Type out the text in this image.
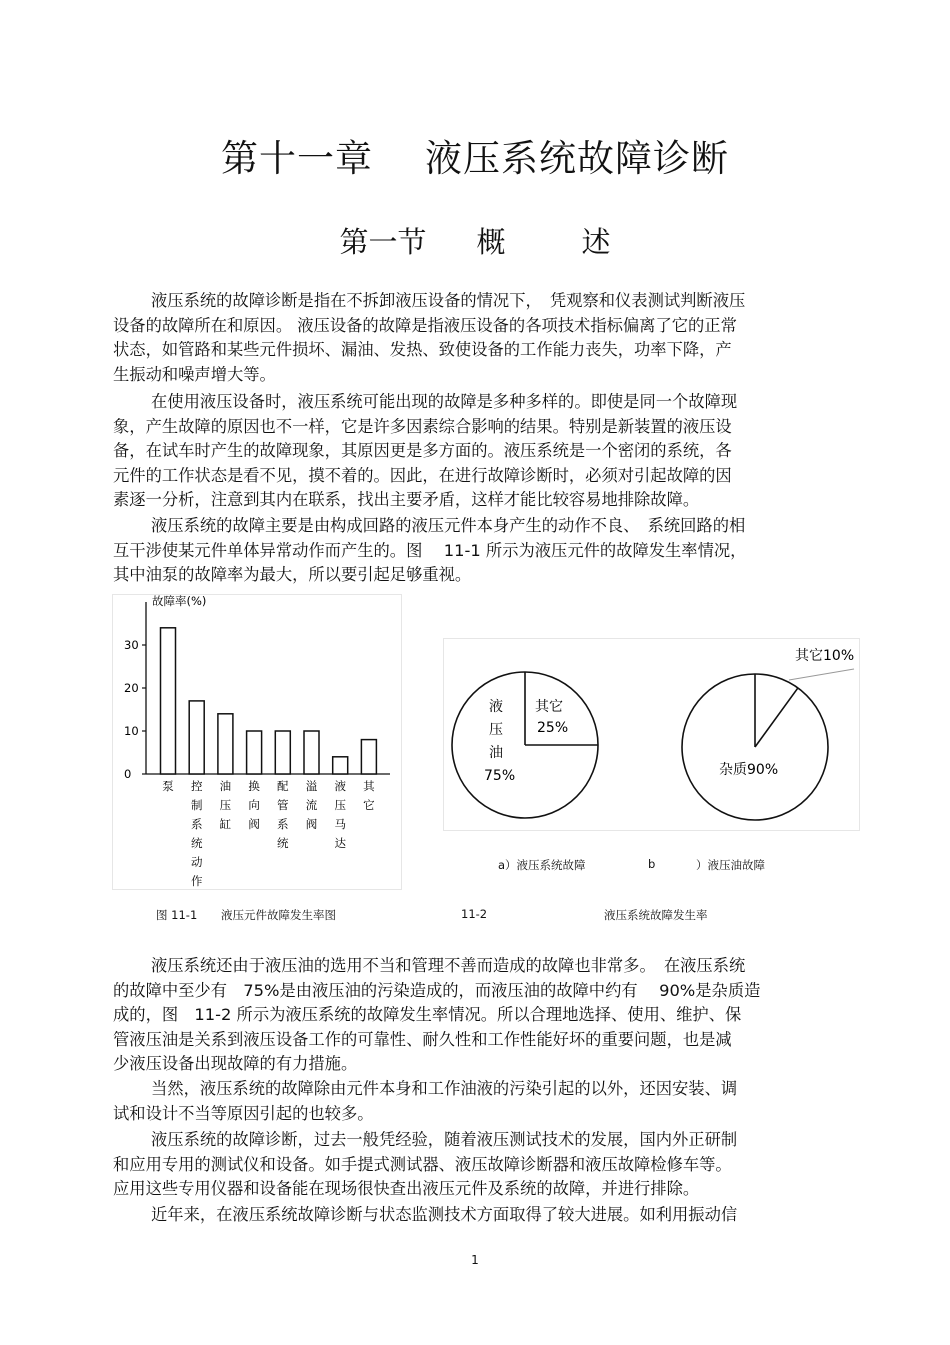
第十一章 液压系统故障诊断
第一节 概	述
液压系统的故障诊断是指在不拆卸液压设备的情况下，　凭观察和仪表测试判断液压
设备的故障所在和原因。 液压设备的故障是指液压设备的各项技术指标偏离了它的正常
状态，如管路和某些元件损坏、漏油、发热、致使设备的工作能力丧失，功率下降，产
生振动和噪声增大等。
在使用液压设备时，液压系统可能出现的故障是多种多样的。即使是同一个故障现
象，产生故障的原因也不一样，它是许多因素综合影响的结果。特别是新装置的液压设
备，在试车时产生的故障现象，其原因更是多方面的。液压系统是一个密闭的系统，各
元件的工作状态是看不见，摸不着的。因此，在进行故障诊断时，必须对引起故障的因
素逐一分析，注意到其内在联系，找出主要矛盾，这样才能比较容易地排除故障。
液压系统的故障主要是由构成回路的液压元件本身产生的动作不良、　系统回路的相
互干涉使某元件单体异常动作而产生的。图　 11-1 所示为液压元件的故障发生率情况，
其中油泵的故障率为最大，所以要引起足够重视。
故障率(%)
0
10
20
30
泵 控制系统动作
油压缸
换向阀
配管系统
溢流阀
液压马达
其它
液
压
油
75%
其它
25%
杂质90%
其它10%
a）液压系统故障	b	）液压油故障
图 11-1 液压元件故障发生率图	11-2	液压系统故障发生率
液压系统还由于液压油的选用不当和管理不善而造成的故障也非常多。　在液压系统
的故障中至少有　75%是由液压油的污染造成的，而液压油的故障中约有　 90%是杂质造
成的，图　11-2 所示为液压系统的故障发生率情况。所以合理地选择、使用、维护、保
管液压油是关系到液压设备工作的可靠性、耐久性和工作性能好坏的重要问题，也是减
少液压设备出现故障的有力措施。
当然，液压系统的故障除由元件本身和工作油液的污染引起的以外，还因安装、调
试和设计不当等原因引起的也较多。
液压系统的故障诊断，过去一般凭经验，随着液压测试技术的发展，国内外正研制
和应用专用的测试仪和设备。如手提式测试器、液压故障诊断器和液压故障检修车等。
应用这些专用仪器和设备能在现场很快查出液压元件及系统的故障，并进行排除。
近年来，在液压系统故障诊断与状态监测技术方面取得了较大进展。如利用振动信
1
